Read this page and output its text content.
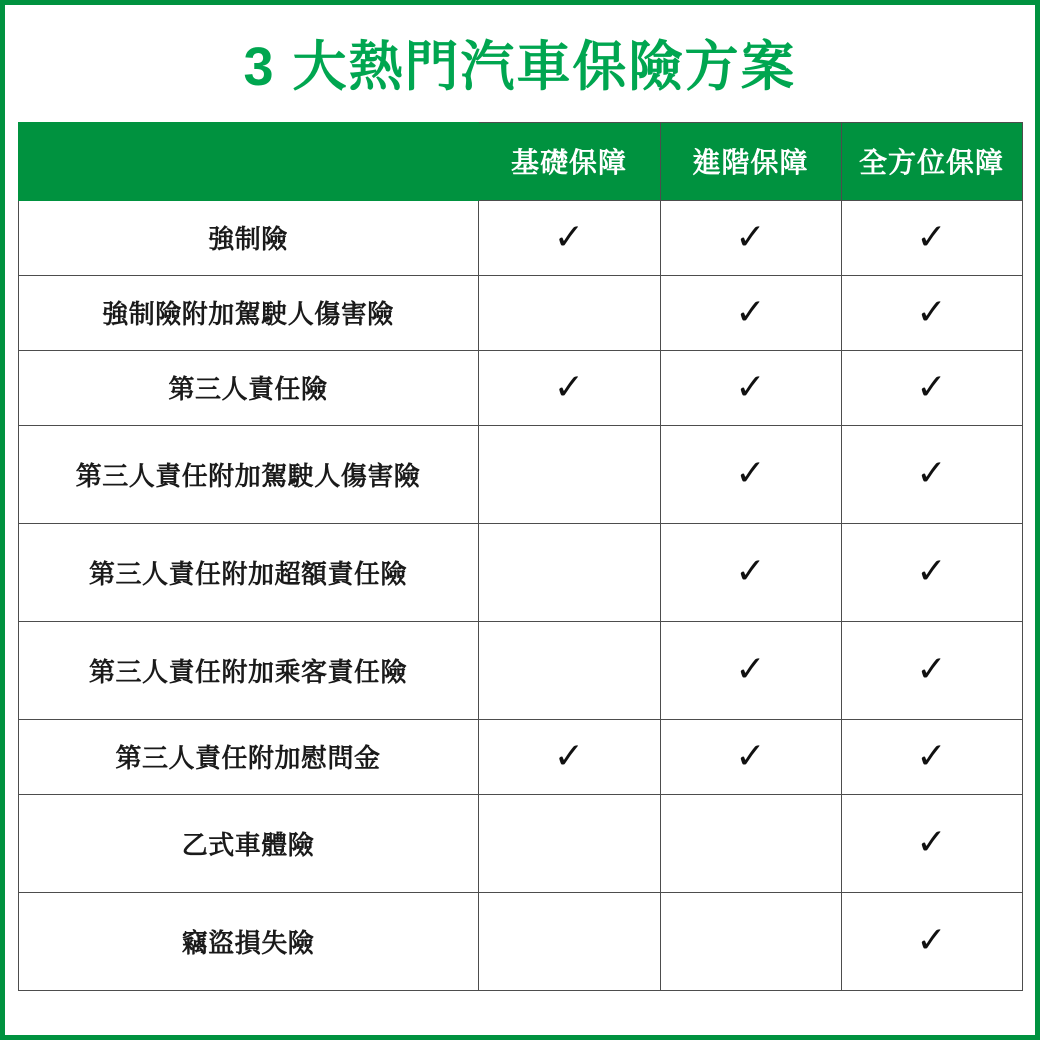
3 大熱門汽車保險方案
	基礎保障	進階保障	全方位保障
強制險	✓	✓	✓
強制險附加駕駛人傷害險		✓	✓
第三人責任險	✓	✓	✓
第三人責任附加駕駛人傷害險		✓	✓
第三人責任附加超額責任險		✓	✓
第三人責任附加乘客責任險		✓	✓
第三人責任附加慰問金	✓	✓	✓
乙式車體險			✓
竊盜損失險			✓
